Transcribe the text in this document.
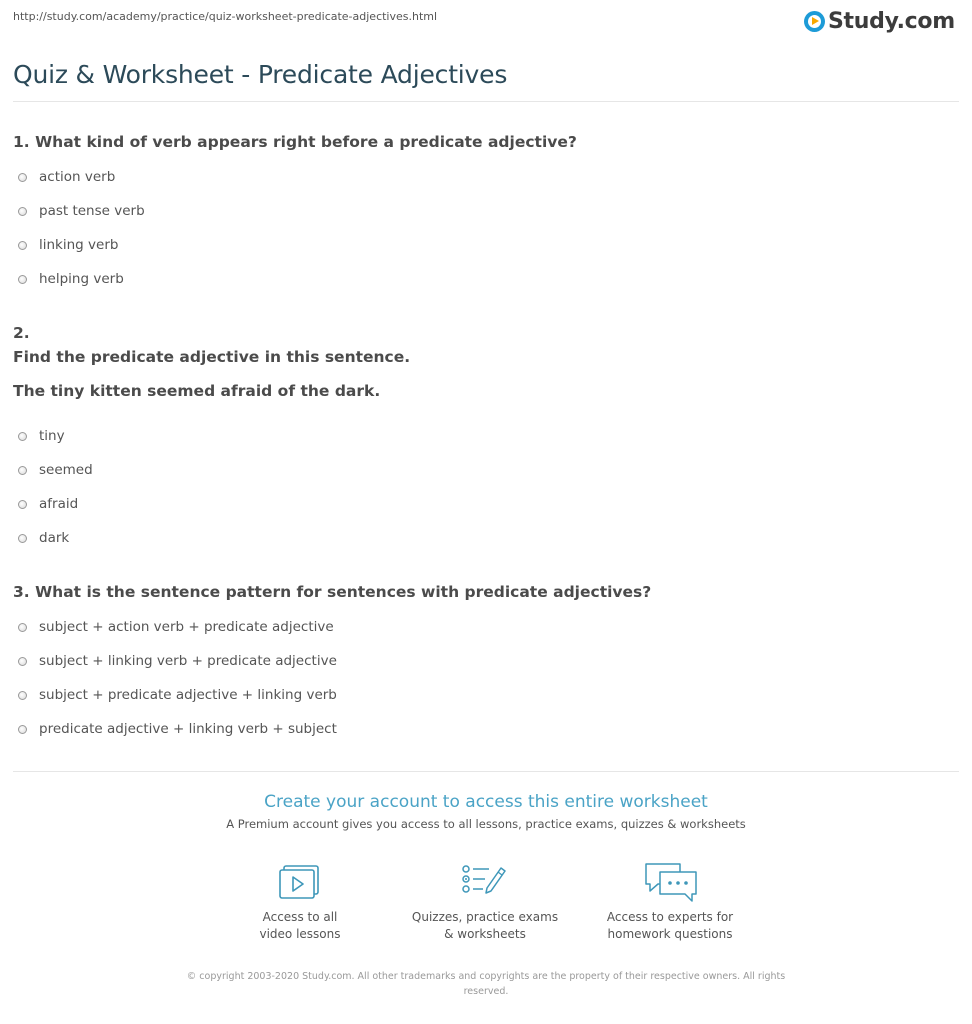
http://study.com/academy/practice/quiz-worksheet-predicate-adjectives.html	Study.com
Quiz & Worksheet - Predicate Adjectives
1. What kind of verb appears right before a predicate adjective?
action verb
past tense verb
linking verb
helping verb
2.
Find the predicate adjective in this sentence.
The tiny kitten seemed afraid of the dark.
tiny
seemed
afraid
dark
3. What is the sentence pattern for sentences with predicate adjectives?
subject + action verb + predicate adjective
subject + linking verb + predicate adjective
subject + predicate adjective + linking verb
predicate adjective + linking verb + subject
Create your account to access this entire worksheet
A Premium account gives you access to all lessons, practice exams, quizzes & worksheets
Access to all
video lessons
Quizzes, practice exams
& worksheets
Access to experts for
homework questions
© copyright 2003-2020 Study.com. All other trademarks and copyrights are the property of their respective owners. All rights
reserved.
